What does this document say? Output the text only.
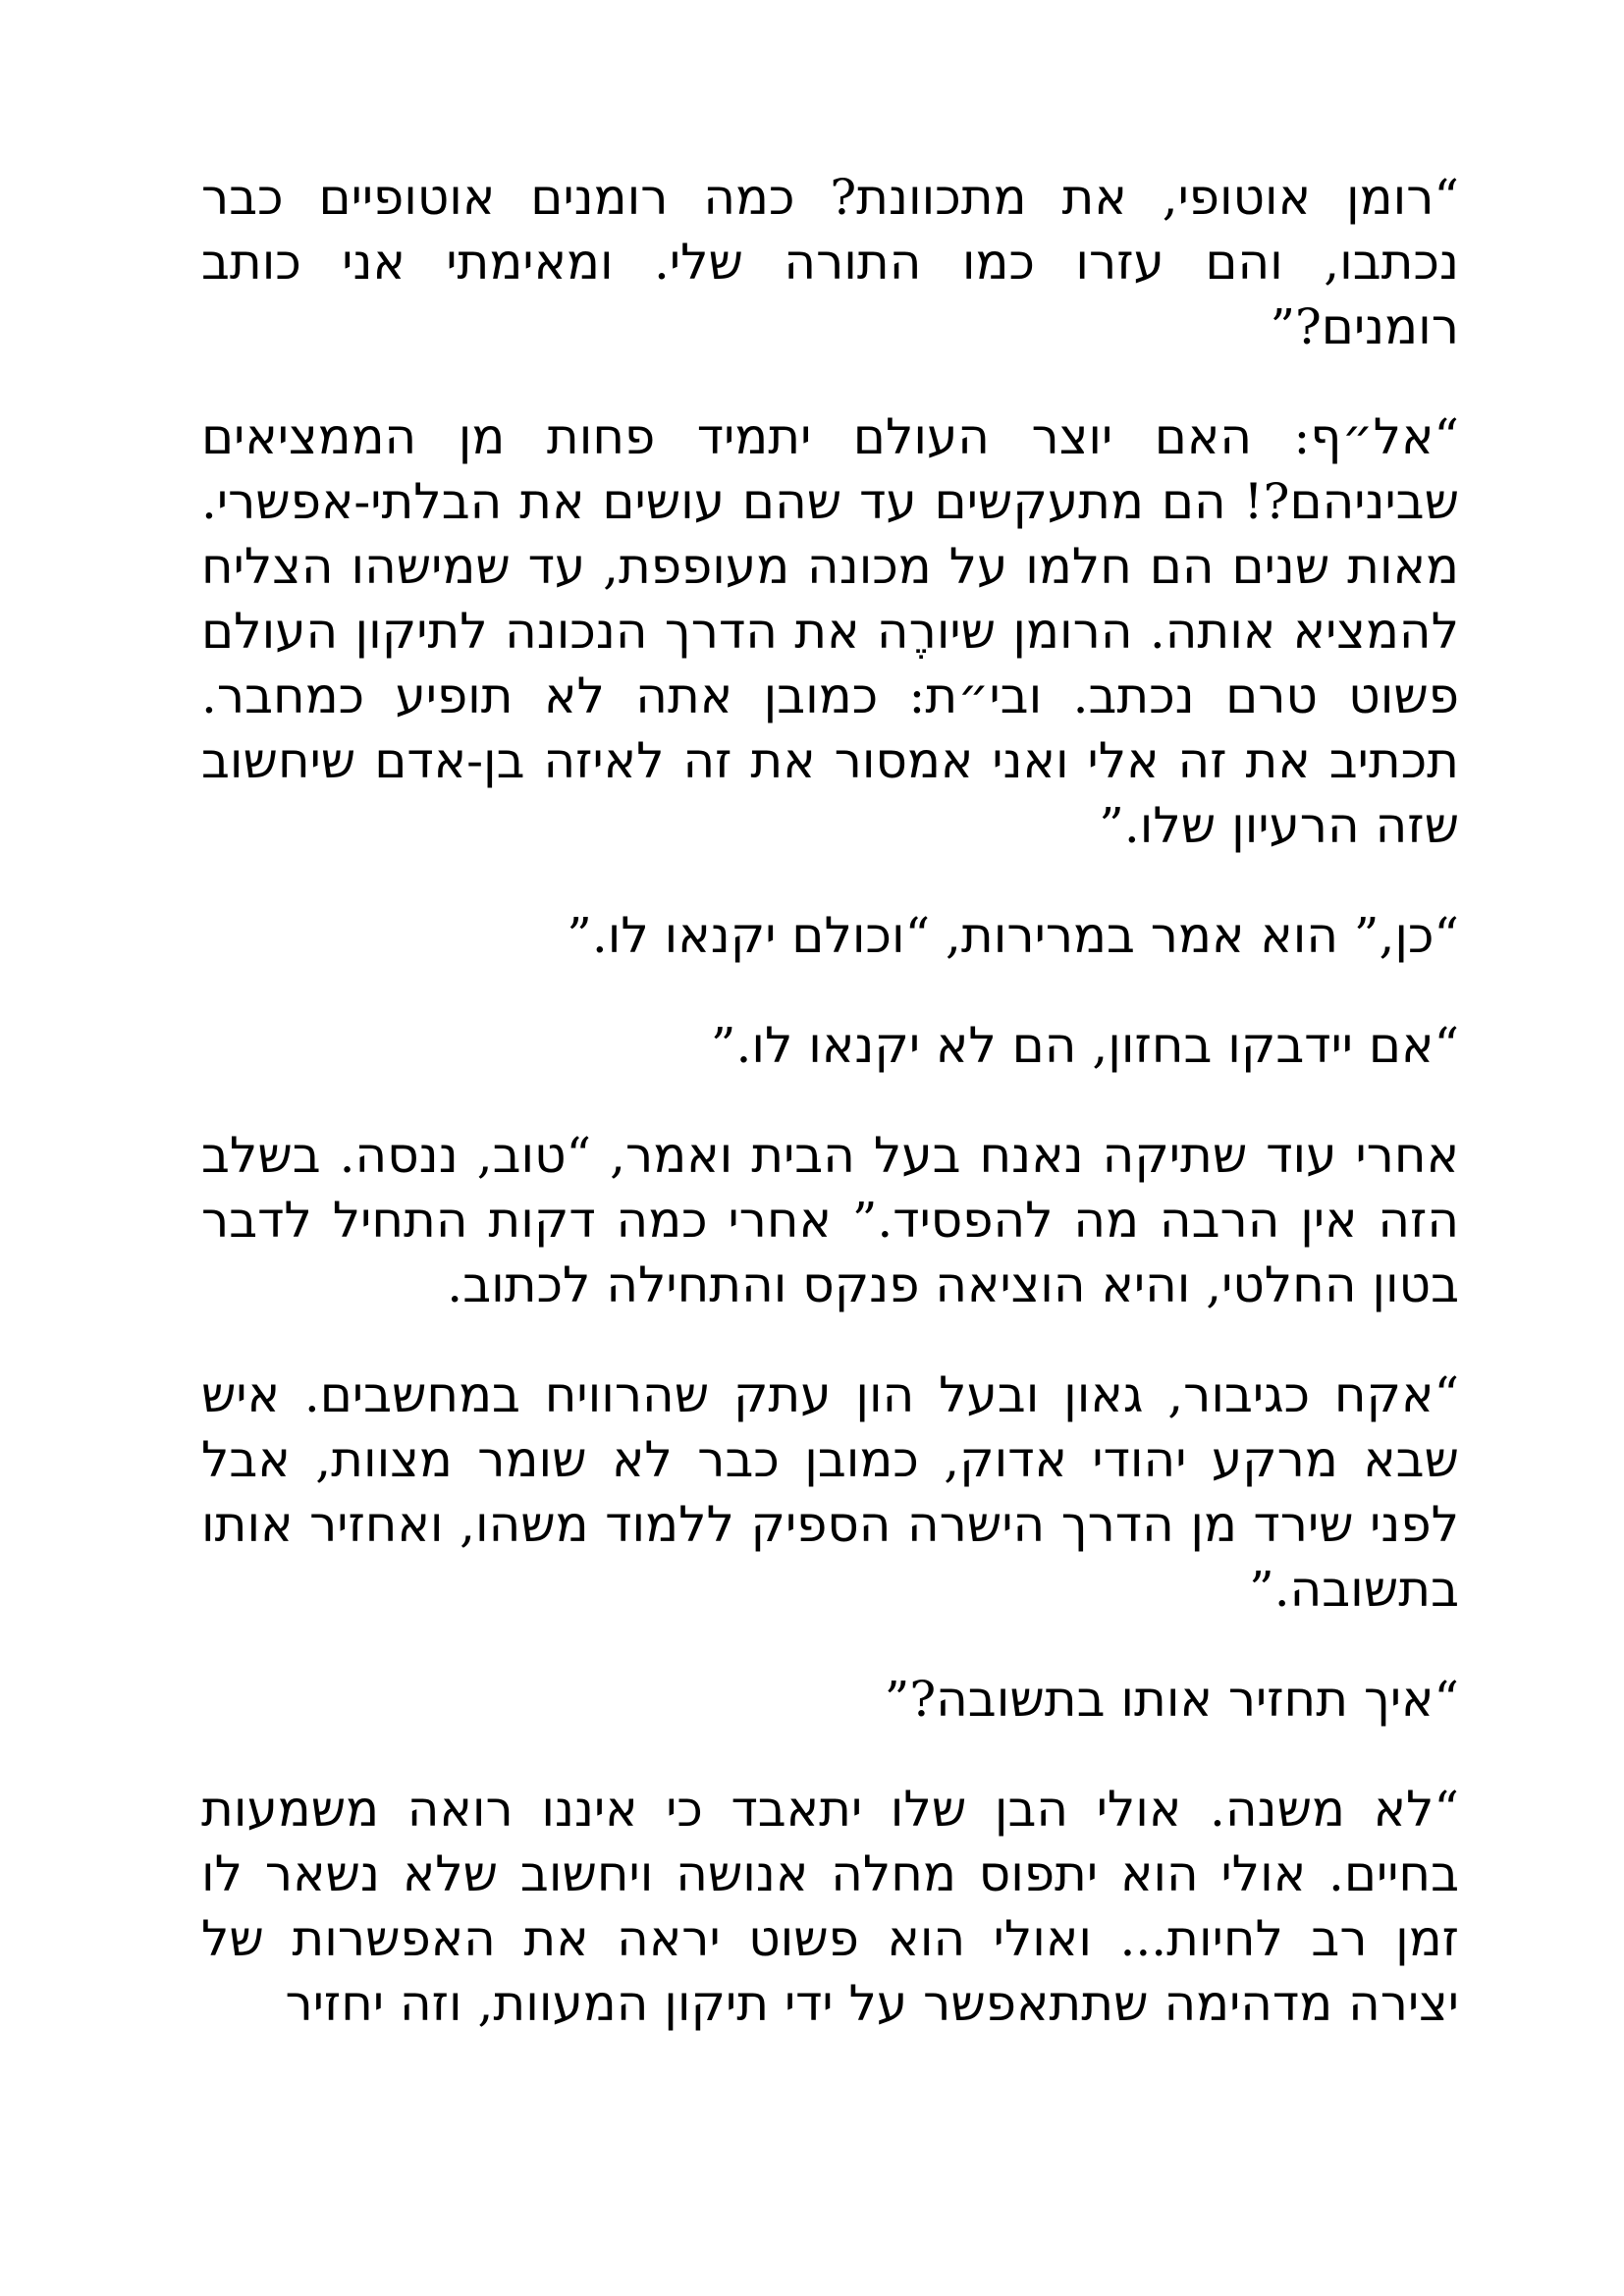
“רומן אוטופי, את מתכוונת? כמה רומנים אוטופיים כבר נכתבו, והם עזרו כמו התורה שלי. ומאימתי אני כותב רומנים?”

“אל״ף: האם יוצר העולם יתמיד פחות מן הממציאים שביניהם?! הם מתעקשים עד שהם עושים את הבלתי-אפשרי. מאות שנים הם חלמו על מכונה מעופפת, עד שמישהו הצליח להמציא אותה. הרומן שיורֶה את הדרך הנכונה לתיקון העולם פשוט טרם נכתב. ובי״ת: כמובן אתה לא תופיע כמחבר. תכתיב את זה אלי ואני אמסור את זה לאיזה בן-אדם שיחשוב שזה הרעיון שלו.”

“כן,” הוא אמר במרירות, “וכולם יקנאו לו.”

“אם יידבקו בחזון, הם לא יקנאו לו.”

אחרי עוד שתיקה נאנח בעל הבית ואמר, “טוב, ננסה. בשלב הזה אין הרבה מה להפסיד.” אחרי כמה דקות התחיל לדבר בטון החלטי, והיא הוציאה פנקס והתחילה לכתוב.

“אקח כגיבור, גאון ובעל הון עתק שהרוויח במחשבים. איש שבא מרקע יהודי אדוק, כמובן כבר לא שומר מצוות, אבל לפני שירד מן הדרך הישרה הספיק ללמוד משהו, ואחזיר אותו בתשובה.”

“איך תחזיר אותו בתשובה?”

“לא משנה. אולי הבן שלו יתאבד כי איננו רואה משמעות בחיים. אולי הוא יתפוס מחלה אנושה ויחשוב שלא נשאר לו זמן רב לחיות... ואולי הוא פשוט יראה את האפשרות של יצירה מדהימה שתתאפשר על ידי תיקון המעוות, וזה יחזיר
